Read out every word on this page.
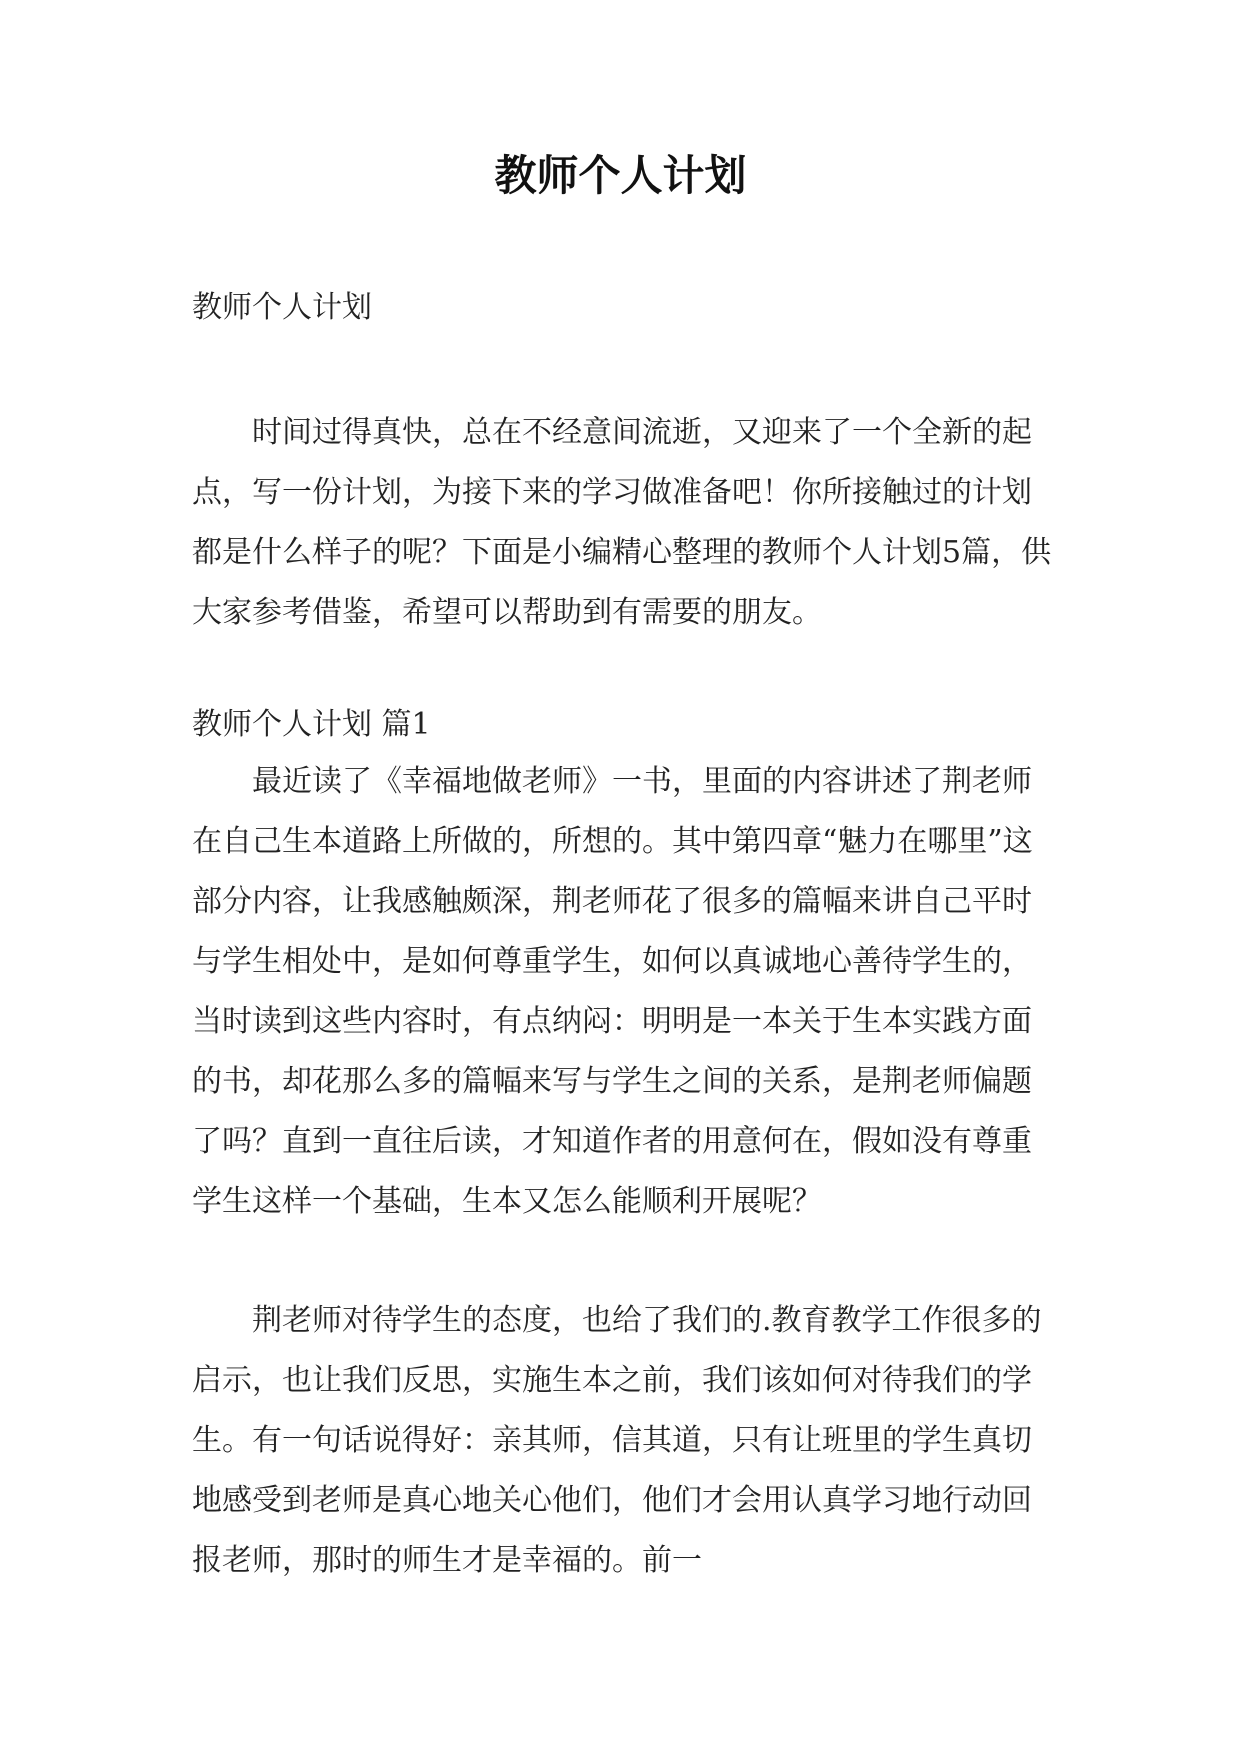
教师个人计划

教师个人计划

时间过得真快，总在不经意间流逝，又迎来了一个全新的起点，写一份计划，为接下来的学习做准备吧！你所接触过的计划都是什么样子的呢？下面是小编精心整理的教师个人计划5篇，供大家参考借鉴，希望可以帮助到有需要的朋友。

教师个人计划 篇1

最近读了《幸福地做老师》一书，里面的内容讲述了荆老师在自己生本道路上所做的，所想的。其中第四章“魅力在哪里”这部分内容，让我感触颇深，荆老师花了很多的篇幅来讲自己平时与学生相处中，是如何尊重学生，如何以真诚地心善待学生的，当时读到这些内容时，有点纳闷：明明是一本关于生本实践方面的书，却花那么多的篇幅来写与学生之间的关系，是荆老师偏题了吗？直到一直往后读，才知道作者的用意何在，假如没有尊重学生这样一个基础，生本又怎么能顺利开展呢？

荆老师对待学生的态度，也给了我们的.教育教学工作很多的启示，也让我们反思，实施生本之前，我们该如何对待我们的学生。有一句话说得好：亲其师，信其道，只有让班里的学生真切地感受到老师是真心地关心他们，他们才会用认真学习地行动回报老师，那时的师生才是幸福的。前一
